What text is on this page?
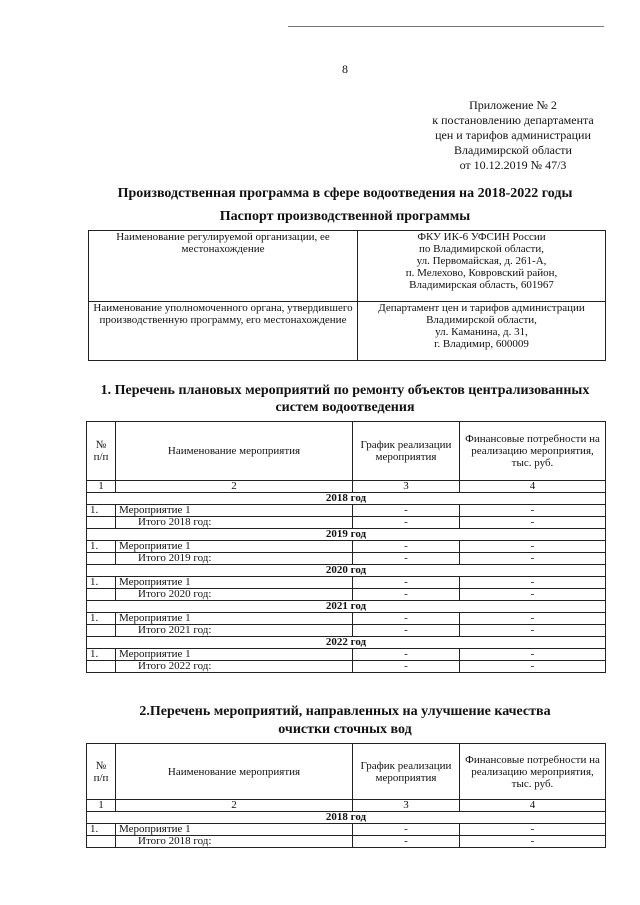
8
Приложение № 2
к постановлению департамента
цен и тарифов администрации
Владимирской области
от 10.12.2019 № 47/3
Производственная программа в сфере водоотведения на 2018-2022 годы
Паспорт производственной программы
Наименование регулируемой организации, ее местонахождение	ФКУ ИК-6 УФСИН России
по Владимирской области,
ул. Первомайская, д. 261-А,
п. Мелехово, Ковровский район,
Владимирская область, 601967

Наименование уполномоченного органа, утвердившего производственную программу, его местонахождение	Департамент цен и тарифов администрации
Владимирской области,
ул. Каманина, д. 31,
г. Владимир, 600009
1. Перечень плановых мероприятий по ремонту объектов централизованных
систем водоотведения
№ п/п	Наименование мероприятия	График реализации мероприятия	Финансовые потребности на реализацию мероприятия, тыс. руб.
1	2	3	4
2018 год			
1.	Мероприятие 1	-	-
	Итого 2018 год:	-	-
2019 год			
1.	Мероприятие 1	-	-
	Итого 2019 год:	-	-
2020 год			
1.	Мероприятие 1	-	-
	Итого 2020 год:	-	-
2021 год			
1.	Мероприятие 1	-	-
	Итого 2021 год:	-	-
2022 год			
1.	Мероприятие 1	-	-
	Итого 2022 год:	-	-
2.Перечень мероприятий, направленных на улучшение качества
очистки сточных вод
№ п/п	Наименование мероприятия	График реализации мероприятия	Финансовые потребности на реализацию мероприятия, тыс. руб.
1	2	3	4
2018 год			
1.	Мероприятие 1	-	-
	Итого 2018 год:	-	-
